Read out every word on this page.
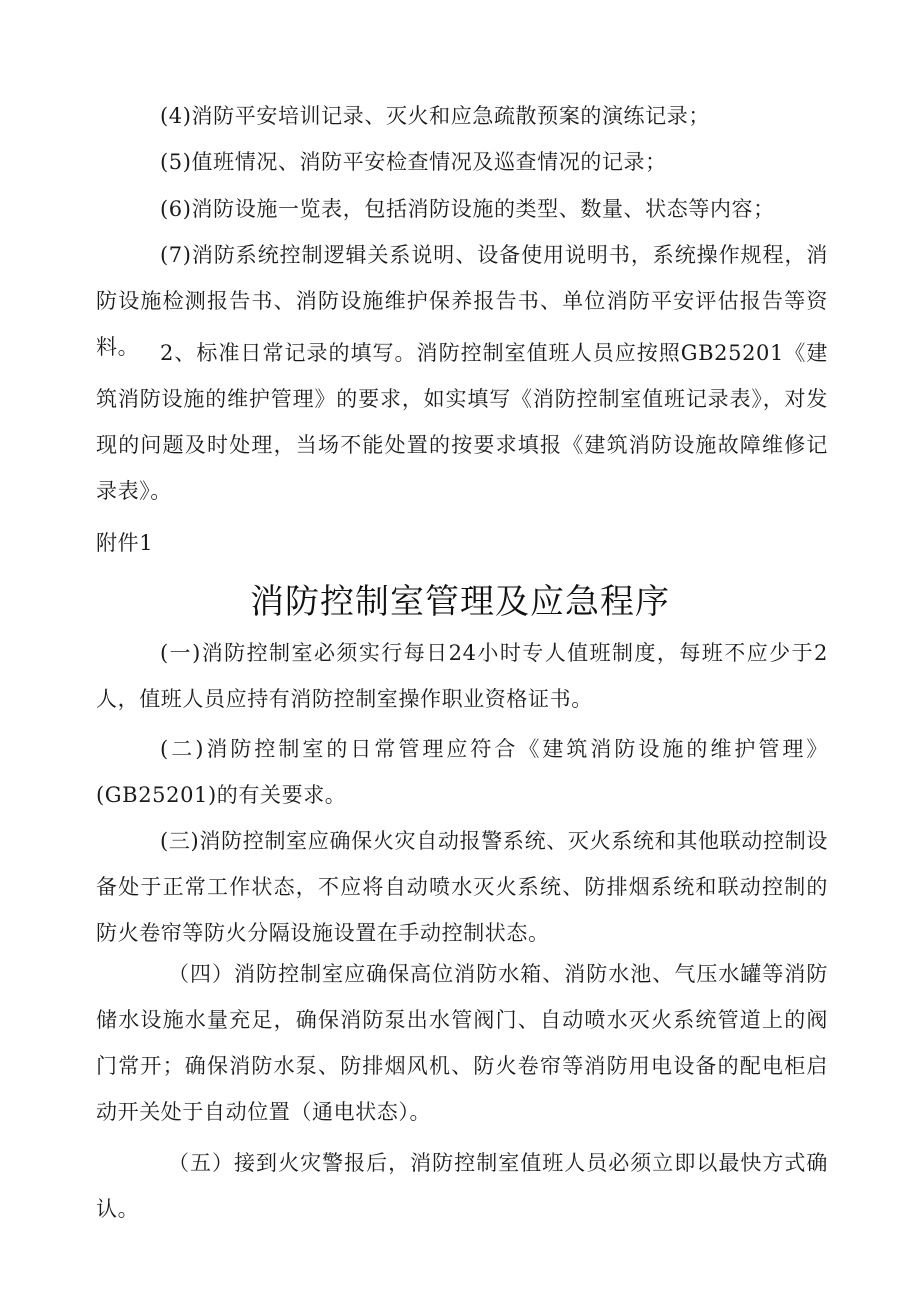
(4)消防平安培训记录、灭火和应急疏散预案的演练记录；

(5)值班情况、消防平安检查情况及巡查情况的记录；

(6)消防设施一览表，包括消防设施的类型、数量、状态等内容；

(7)消防系统控制逻辑关系说明、设备使用说明书，系统操作规程，消防设施检测报告书、消防设施维护保养报告书、单位消防平安评估报告等资料。 2、标准日常记录的填写。消防控制室值班人员应按照GB25201《建筑消防设施的维护管理》的要求，如实填写《消防控制室值班记录表》，对发现的问题及时处理，当场不能处置的按要求填报《建筑消防设施故障维修记录表》。

附件1

消防控制室管理及应急程序

(一)消防控制室必须实行每日24小时专人值班制度，每班不应少于2人，值班人员应持有消防控制室操作职业资格证书。

(二)消防控制室的日常管理应符合《建筑消防设施的维护管理》(GB25201)的有关要求。

(三)消防控制室应确保火灾自动报警系统、灭火系统和其他联动控制设备处于正常工作状态，不应将自动喷水灭火系统、防排烟系统和联动控制的防火卷帘等防火分隔设施设置在手动控制状态。

（四）消防控制室应确保高位消防水箱、消防水池、气压水罐等消防储水设施水量充足，确保消防泵出水管阀门、自动喷水灭火系统管道上的阀门常开；确保消防水泵、防排烟风机、防火卷帘等消防用电设备的配电柜启动开关处于自动位置（通电状态）。

（五）接到火灾警报后，消防控制室值班人员必须立即以最快方式确认。
